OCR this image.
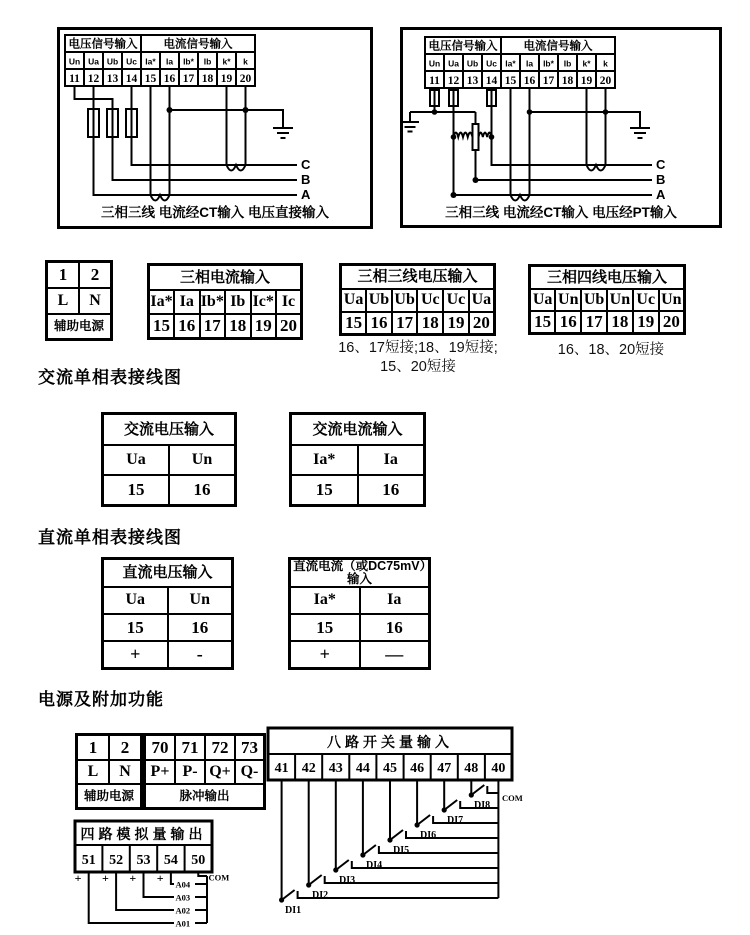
电压信号输入 电流信号输入
Un Ua Ub Uc Ia* Ia Ib* Ib k* k
11 12 13 14 15 16 17 18 19 20
C
B
A
三相三线 电流经CT输入 电压直接输入
电压信号输入 电流信号输入
Un Ua Ub Uc Ia* Ia Ib* Ib k* k
11 12 13 14 15 16 17 18 19 20
C
B
A
三相三线 电流经CT输入 电压经PT输入
1	2
L	N
辅助电源	
三相电流输入					
Ia*	Ia	Ib*	Ib	Ic*	Ic
15	16	17	18	19	20
三相三线电压输入					
Ua	Ub	Ub	Uc	Uc	Ua
15	16	17	18	19	20
16、17短接;18、19短接;
15、20短接
三相四线电压输入					
Ua	Un	Ub	Un	Uc	Un
15	16	17	18	19	20
16、18、20短接
交流单相表接线图
交流电压输入	
Ua	Un
15	16
交流电流输入	
Ia*	Ia
15	16
直流单相表接线图
直流电压输入	
Ua	Un
15	16
+	-
直流电流（或DC75mV）输入	
Ia*	Ia
15	16
+	—
电源及附加功能
1	2
L	N
辅助电源	
70	71	72	73
P+	P-	Q+	Q-
脉冲输出			
八路开关量输入
41 42 43 44 45 46 47 48 40
DI1
DI2
DI3
DI4
DI5
DI6
DI7
DI8
COM
四路模拟量输出
51 52 53 54 50
+ + + + A04
A03
A02
A01
COM
